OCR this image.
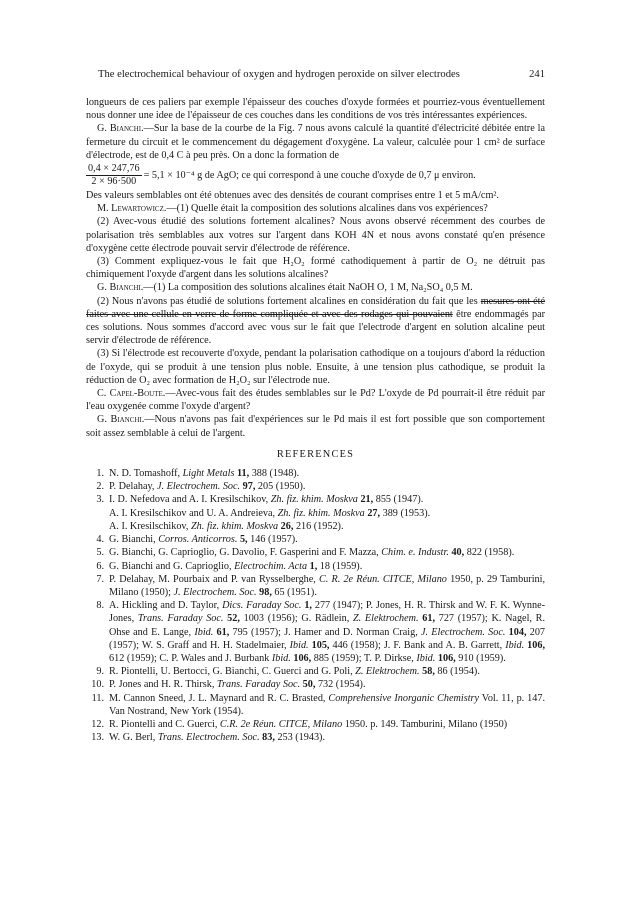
The electrochemical behaviour of oxygen and hydrogen peroxide on silver electrodes	241

longueurs de ces paliers par exemple l'épaisseur des couches d'oxyde formées et pourriez-vous éventuellement nous donner une idee de l'épaisseur de ces couches dans les conditions de vos très intéressantes expériences.

G. Bianchi.—Sur la base de la courbe de la Fig. 7 nous avons calculé la quantité d'électricité débitée entre la fermeture du circuit et le commencement du dégagement d'oxygène. La valeur, calculée pour 1 cm² de surface d'électrode, est de 0,4 C à peu près. On a donc la formation de

$\frac{0,4 \times 247,76}{2 \times 96\cdot 500} = 5,1 \times 10^{-4}$ g de AgO; ce qui correspond à une couche d'oxyde de 0,7 μ environ.

Des valeurs semblables ont été obtenues avec des densités de courant comprises entre 1 et 5 mA/cm².

M. Lewartowicz.—(1) Quelle était la composition des solutions alcalines dans vos expériences?

(2) Avec-vous étudié des solutions fortement alcalines? Nous avons observé récemment des courbes de polarisation très semblables aux votres sur l'argent dans KOH 4N et nous avons constaté qu'en présence d'oxygène cette électrode pouvait servir d'électrode de référence.

(3) Comment expliquez-vous le fait que H₂O₂ formé cathodiquement à partir de O₂ ne détruit pas chimiquement l'oxyde d'argent dans les solutions alcalines?

G. Bianchi.—(1) La composition des solutions alcalines était NaOH O, 1 M, Na₂SO₄ 0,5 M.

(2) Nous n'avons pas étudié de solutions fortement alcalines en considération du fait que les mesures ont été faites avec une cellule en verre de forme compliquée et avec des rodages qui pouvaient être endommagés par ces solutions. Nous sommes d'accord avec vous sur le fait que l'electrode d'argent en solution alcaline peut servir d'électrode de référence.

(3) Si l'électrode est recouverte d'oxyde, pendant la polarisation cathodique on a toujours d'abord la réduction de l'oxyde, qui se produit à une tension plus noble. Ensuite, à une tension plus cathodique, se produit la réduction de O₂ avec formation de H₂O₂ sur l'électrode nue.

C. Capel-Boute.—Avec-vous fait des études semblables sur le Pd? L'oxyde de Pd pourrait-il être réduit par l'eau oxygenée comme l'oxyde d'argent?

G. Bianchi.—Nous n'avons pas fait d'expériences sur le Pd mais il est fort possible que son comportement soit assez semblable à celui de l'argent.

REFERENCES
1. N. D. Tomashoff, Light Metals 11, 388 (1948).
2. P. Delahay, J. Electrochem. Soc. 97, 205 (1950).
3. I. D. Nefedova and A. I. Kresilschikov, Zh. fiz. khim. Moskva 21, 855 (1947).
A. I. Kresilschikov and U. A. Andreieva, Zh. fiz. khim. Moskva 27, 389 (1953).
A. I. Kresilschikov, Zh. fiz. khim. Moskva 26, 216 (1952).
4. G. Bianchi, Corros. Anticorros. 5, 146 (1957).
5. G. Bianchi, G. Caprioglio, G. Davolio, F. Gasperini and F. Mazza, Chim. e. Industr. 40, 822 (1958).
6. G. Bianchi and G. Caprioglio, Electrochim. Acta 1, 18 (1959).
7. P. Delahay, M. Pourbaix and P. van Rysselberghe, C. R. 2e Réun. CITCE, Milano 1950, p. 29 Tamburini, Milano (1950); J. Electrochem. Soc. 98, 65 (1951).
8. A. Hickling and D. Taylor, Dics. Faraday Soc. 1, 277 (1947); P. Jones, H. R. Thirsk and W. F. K. Wynne-Jones, Trans. Faraday Soc. 52, 1003 (1956); G. Rädlein, Z. Elektrochem. 61, 727 (1957); K. Nagel, R. Ohse and E. Lange, Ibid. 61, 795 (1957); J. Hamer and D. Norman Craig, J. Electrochem. Soc. 104, 207 (1957); W. S. Graff and H. H. Stadelmaier, Ibid. 105, 446 (1958); J. F. Bank and A. B. Garrett, Ibid. 106, 612 (1959); C. P. Wales and J. Burbank Ibid. 106, 885 (1959); T. P. Dirkse, Ibid. 106, 910 (1959).
9. R. Piontelli, U. Bertocci, G. Bianchi, C. Guerci and G. Poli, Z. Elektrochem. 58, 86 (1954).
10. P. Jones and H. R. Thirsk, Trans. Faraday Soc. 50, 732 (1954).
11. M. Cannon Sneed, J. L. Maynard and R. C. Brasted, Comprehensive Inorganic Chemistry Vol. 11, p. 147. Van Nostrand, New York (1954).
12. R. Piontelli and C. Guerci, C.R. 2e Réun. CITCE, Milano 1950. p. 149. Tamburini, Milano (1950)
13. W. G. Berl, Trans. Electrochem. Soc. 83, 253 (1943).
